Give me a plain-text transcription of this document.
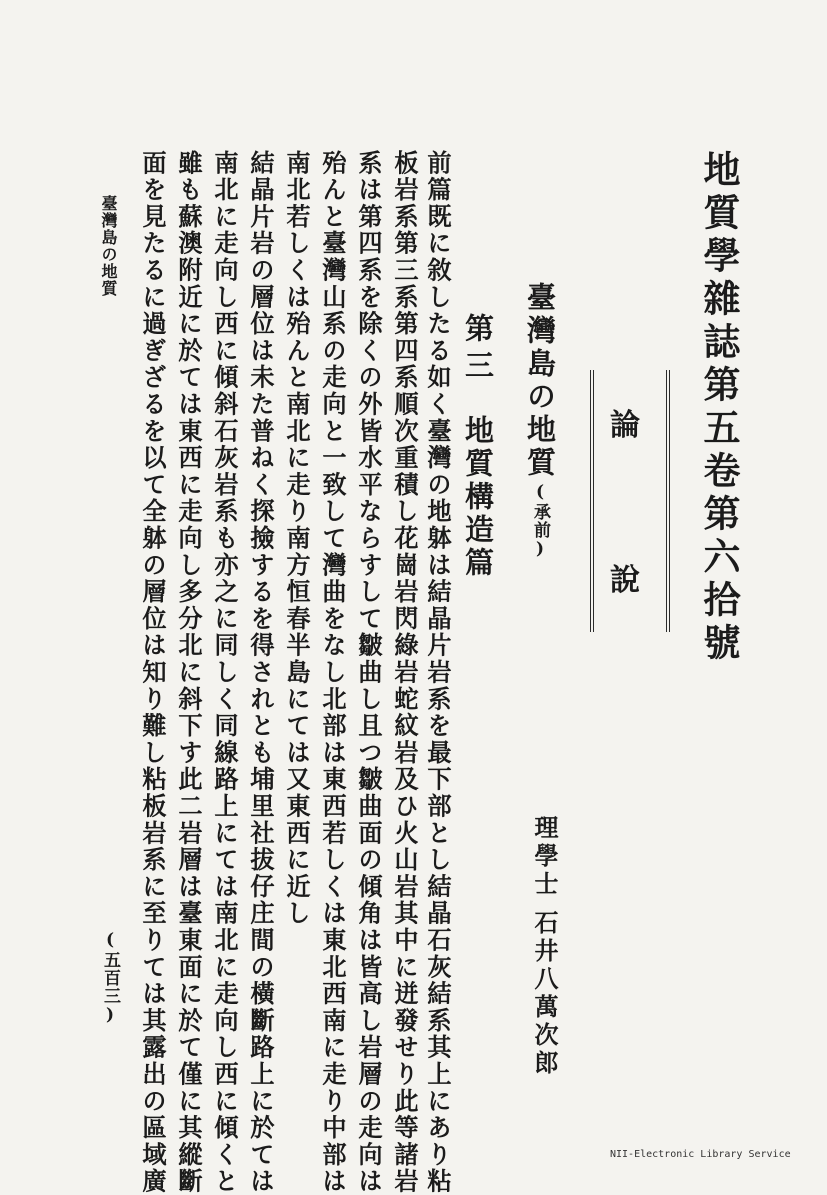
地質學雜誌第五卷第六拾號
論
說
臺灣島の地質
(承前)
第三
地質構造篇
理學士
石井八萬次郎
前篇既に敘したる如く臺灣の地躰は結晶片岩系を最下部とし結晶石灰結系其上にあり粘
板岩系第三系第四系順次重積し花崗岩閃綠岩蛇紋岩及ひ火山岩其中に迸發せり此等諸岩
系は第四系を除くの外皆水平ならすして皺曲し且つ皺曲面の傾角は皆高し岩層の走向は
殆んと臺灣山系の走向と一致して灣曲をなし北部は東西若しくは東北西南に走り中部は
南北若しくは殆んと南北に走り南方恒春半島にては又東西に近し
結晶片岩の層位は未た普ねく探撿するを得されとも埔里社拔仔庄間の橫斷路上に於ては
南北に走向し西に傾斜石灰岩系も亦之に同しく同線路上にては南北に走向し西に傾くと
雖も蘇澳附近に於ては東西に走向し多分北に斜下す此二岩層は臺東面に於て僅に其縱斷
面を見たるに過ぎざるを以て全躰の層位は知り難し粘板岩系に至りては其露出の區域廣
臺灣島の地質
(五百三)
NII-Electronic Library Service
